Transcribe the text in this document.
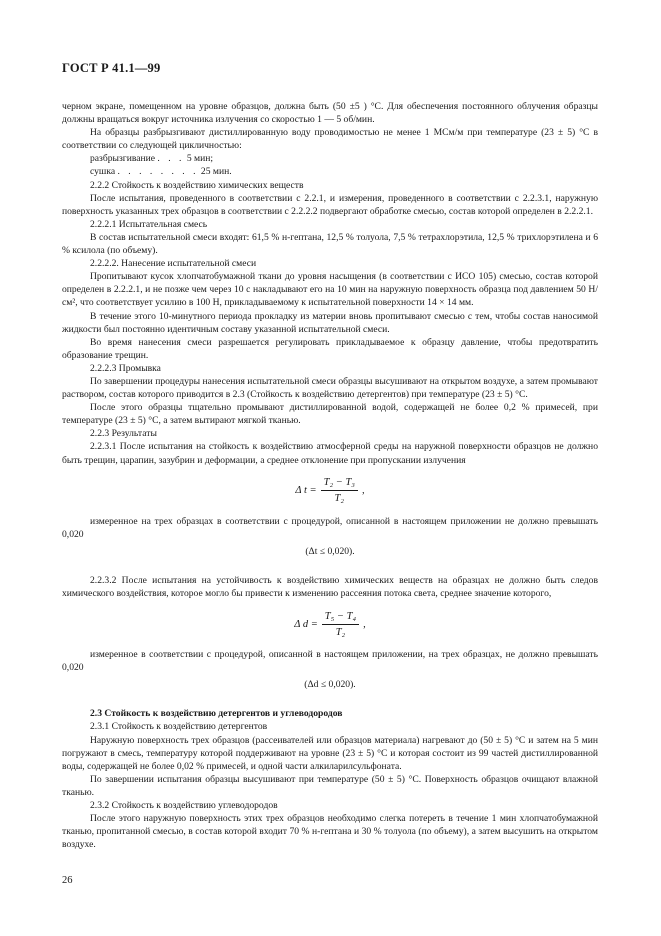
ГОСТ Р 41.1—99

черном экране, помещенном на уровне образцов, должна быть (50 ±5 ) °С. Для обеспечения постоянного облучения образцы должны вращаться вокруг источника излучения со скоростью 1 — 5 об/мин.

На образцы разбрызгивают дистиллированную воду проводимостью не менее 1 МСм/м при температуре (23 ± 5) °С в соответствии со следующей цикличностью:

разбрызгивание . . . 5 мин;
сушка . . . . . . . . 25 мин.

2.2.2 Стойкость к воздействию химических веществ

После испытания, проведенного в соответствии с 2.2.1, и измерения, проведенного в соответствии с 2.2.3.1, наружную поверхность указанных трех образцов в соответствии с 2.2.2.2 подвергают обработке смесью, состав которой определен в 2.2.2.1.

2.2.2.1 Испытательная смесь

В состав испытательной смеси входят: 61,5 % н-гептана, 12,5 % толуола, 7,5 % тетрахлорэтила, 12,5 % трихлорэтилена и 6 % ксилола (по объему).

2.2.2.2. Нанесение испытательной смеси

Пропитывают кусок хлопчатобумажной ткани до уровня насыщения (в соответствии с ИСО 105) смесью, состав которой определен в 2.2.2.1, и не позже чем через 10 с накладывают его на 10 мин на наружную поверхность образца под давлением 50 Н/см², что соответствует усилию в 100 Н, прикладываемому к испытательной поверхности 14 × 14 мм.

В течение этого 10-минутного периода прокладку из материи вновь пропитывают смесью с тем, чтобы состав наносимой жидкости был постоянно идентичным составу указанной испытательной смеси.

Во время нанесения смеси разрешается регулировать прикладываемое к образцу давление, чтобы предотвратить образование трещин.

2.2.2.3 Промывка

По завершении процедуры нанесения испытательной смеси образцы высушивают на открытом воздухе, а затем промывают раствором, состав которого приводится в 2.3 (Стойкость к воздействию детергентов) при температуре (23 ± 5) °С.

После этого образцы тщательно промывают дистиллированной водой, содержащей не более 0,2 % примесей, при температуре (23 ± 5) °С, а затем вытирают мягкой тканью.

2.2.3 Результаты

2.2.3.1 После испытания на стойкость к воздействию атмосферной среды на наружной поверхности образцов не должно быть трещин, царапин, зазубрин и деформации, а среднее отклонение при пропускании излучения

Δ $t = \frac{\text{T₂ − T₃}}{\text{T₂}}$ ,

измеренное на трех образцах в соответствии с процедурой, описанной в настоящем приложении не должно превышать 0,020

(Δt ≤ 0,020).

2.2.3.2 После испытания на устойчивость к воздействию химических веществ на образцах не должно быть следов химического воздействия, которое могло бы привести к изменению рассеяния потока света, среднее значение которого,

Δ $d = \frac{\text{T₅ − T₄}}{\text{T₂}}$ ,

измеренное в соответствии с процедурой, описанной в настоящем приложении, на трех образцах, не должно превышать 0,020

(Δd ≤ 0,020).

2.3 Стойкость к воздействию детергентов и углеводородов

2.3.1 Стойкость к воздействию детергентов

Наружную поверхность трех образцов (рассеивателей или образцов материала) нагревают до (50 ± 5) °С и затем на 5 мин погружают в смесь, температуру которой поддерживают на уровне (23 ± 5) °С и которая состоит из 99 частей дистиллированной воды, содержащей не более 0,02 % примесей, и одной части алкиларилсульфоната.

По завершении испытания образцы высушивают при температуре (50 ± 5) °С. Поверхность образцов очищают влажной тканью.

2.3.2 Стойкость к воздействию углеводородов

После этого наружную поверхность этих трех образцов необходимо слегка потереть в течение 1 мин хлопчатобумажной тканью, пропитанной смесью, в состав которой входит 70 % н-гептана и 30 % толуола (по объему), а затем высушить на открытом воздухе.

26
